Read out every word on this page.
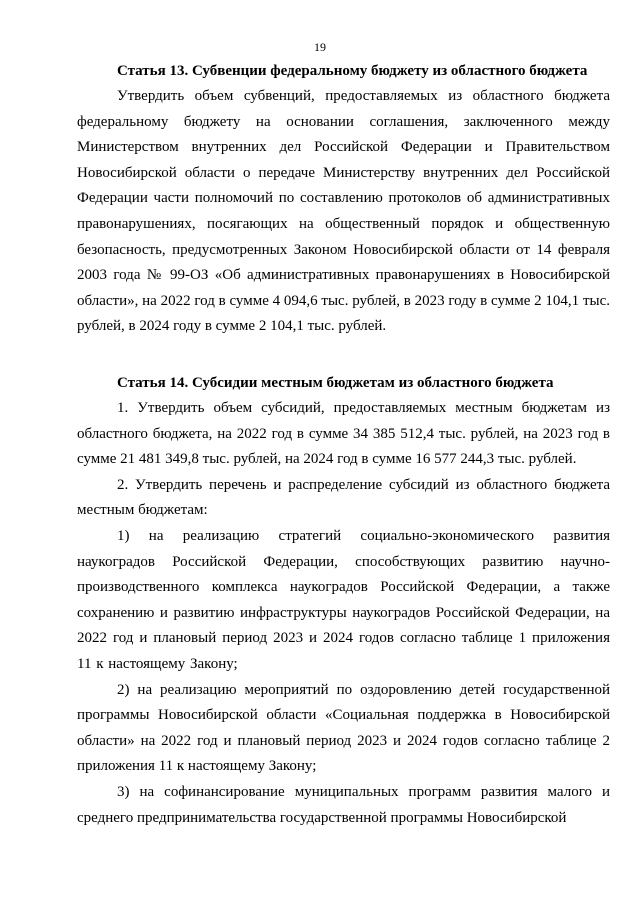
19

Статья 13. Субвенции федеральному бюджету из областного бюджета

Утвердить объем субвенций, предоставляемых из областного бюджета федеральному бюджету на основании соглашения, заключенного между Министерством внутренних дел Российской Федерации и Правительством Новосибирской области о передаче Министерству внутренних дел Российской Федерации части полномочий по составлению протоколов об административных правонарушениях, посягающих на общественный порядок и общественную безопасность, предусмотренных Законом Новосибирской области от 14 февраля 2003 года № 99-ОЗ «Об административных правонарушениях в Новосибирской области», на 2022 год в сумме 4 094,6 тыс. рублей, в 2023 году в сумме 2 104,1 тыс. рублей, в 2024 году в сумме 2 104,1 тыс. рублей.

Статья 14. Субсидии местным бюджетам из областного бюджета

1. Утвердить объем субсидий, предоставляемых местным бюджетам из областного бюджета, на 2022 год в сумме 34 385 512,4 тыс. рублей, на 2023 год в сумме 21 481 349,8 тыс. рублей, на 2024 год в сумме 16 577 244,3 тыс. рублей.

2. Утвердить перечень и распределение субсидий из областного бюджета местным бюджетам:

1) на реализацию стратегий социально-экономического развития наукоградов Российской Федерации, способствующих развитию научно-производственного комплекса наукоградов Российской Федерации, а также сохранению и развитию инфраструктуры наукоградов Российской Федерации, на 2022 год и плановый период 2023 и 2024 годов согласно таблице 1 приложения 11 к настоящему Закону;

2) на реализацию мероприятий по оздоровлению детей государственной программы Новосибирской области «Социальная поддержка в Новосибирской области» на 2022 год и плановый период 2023 и 2024 годов согласно таблице 2 приложения 11 к настоящему Закону;

3) на софинансирование муниципальных программ развития малого и среднего предпринимательства государственной программы Новосибирской
